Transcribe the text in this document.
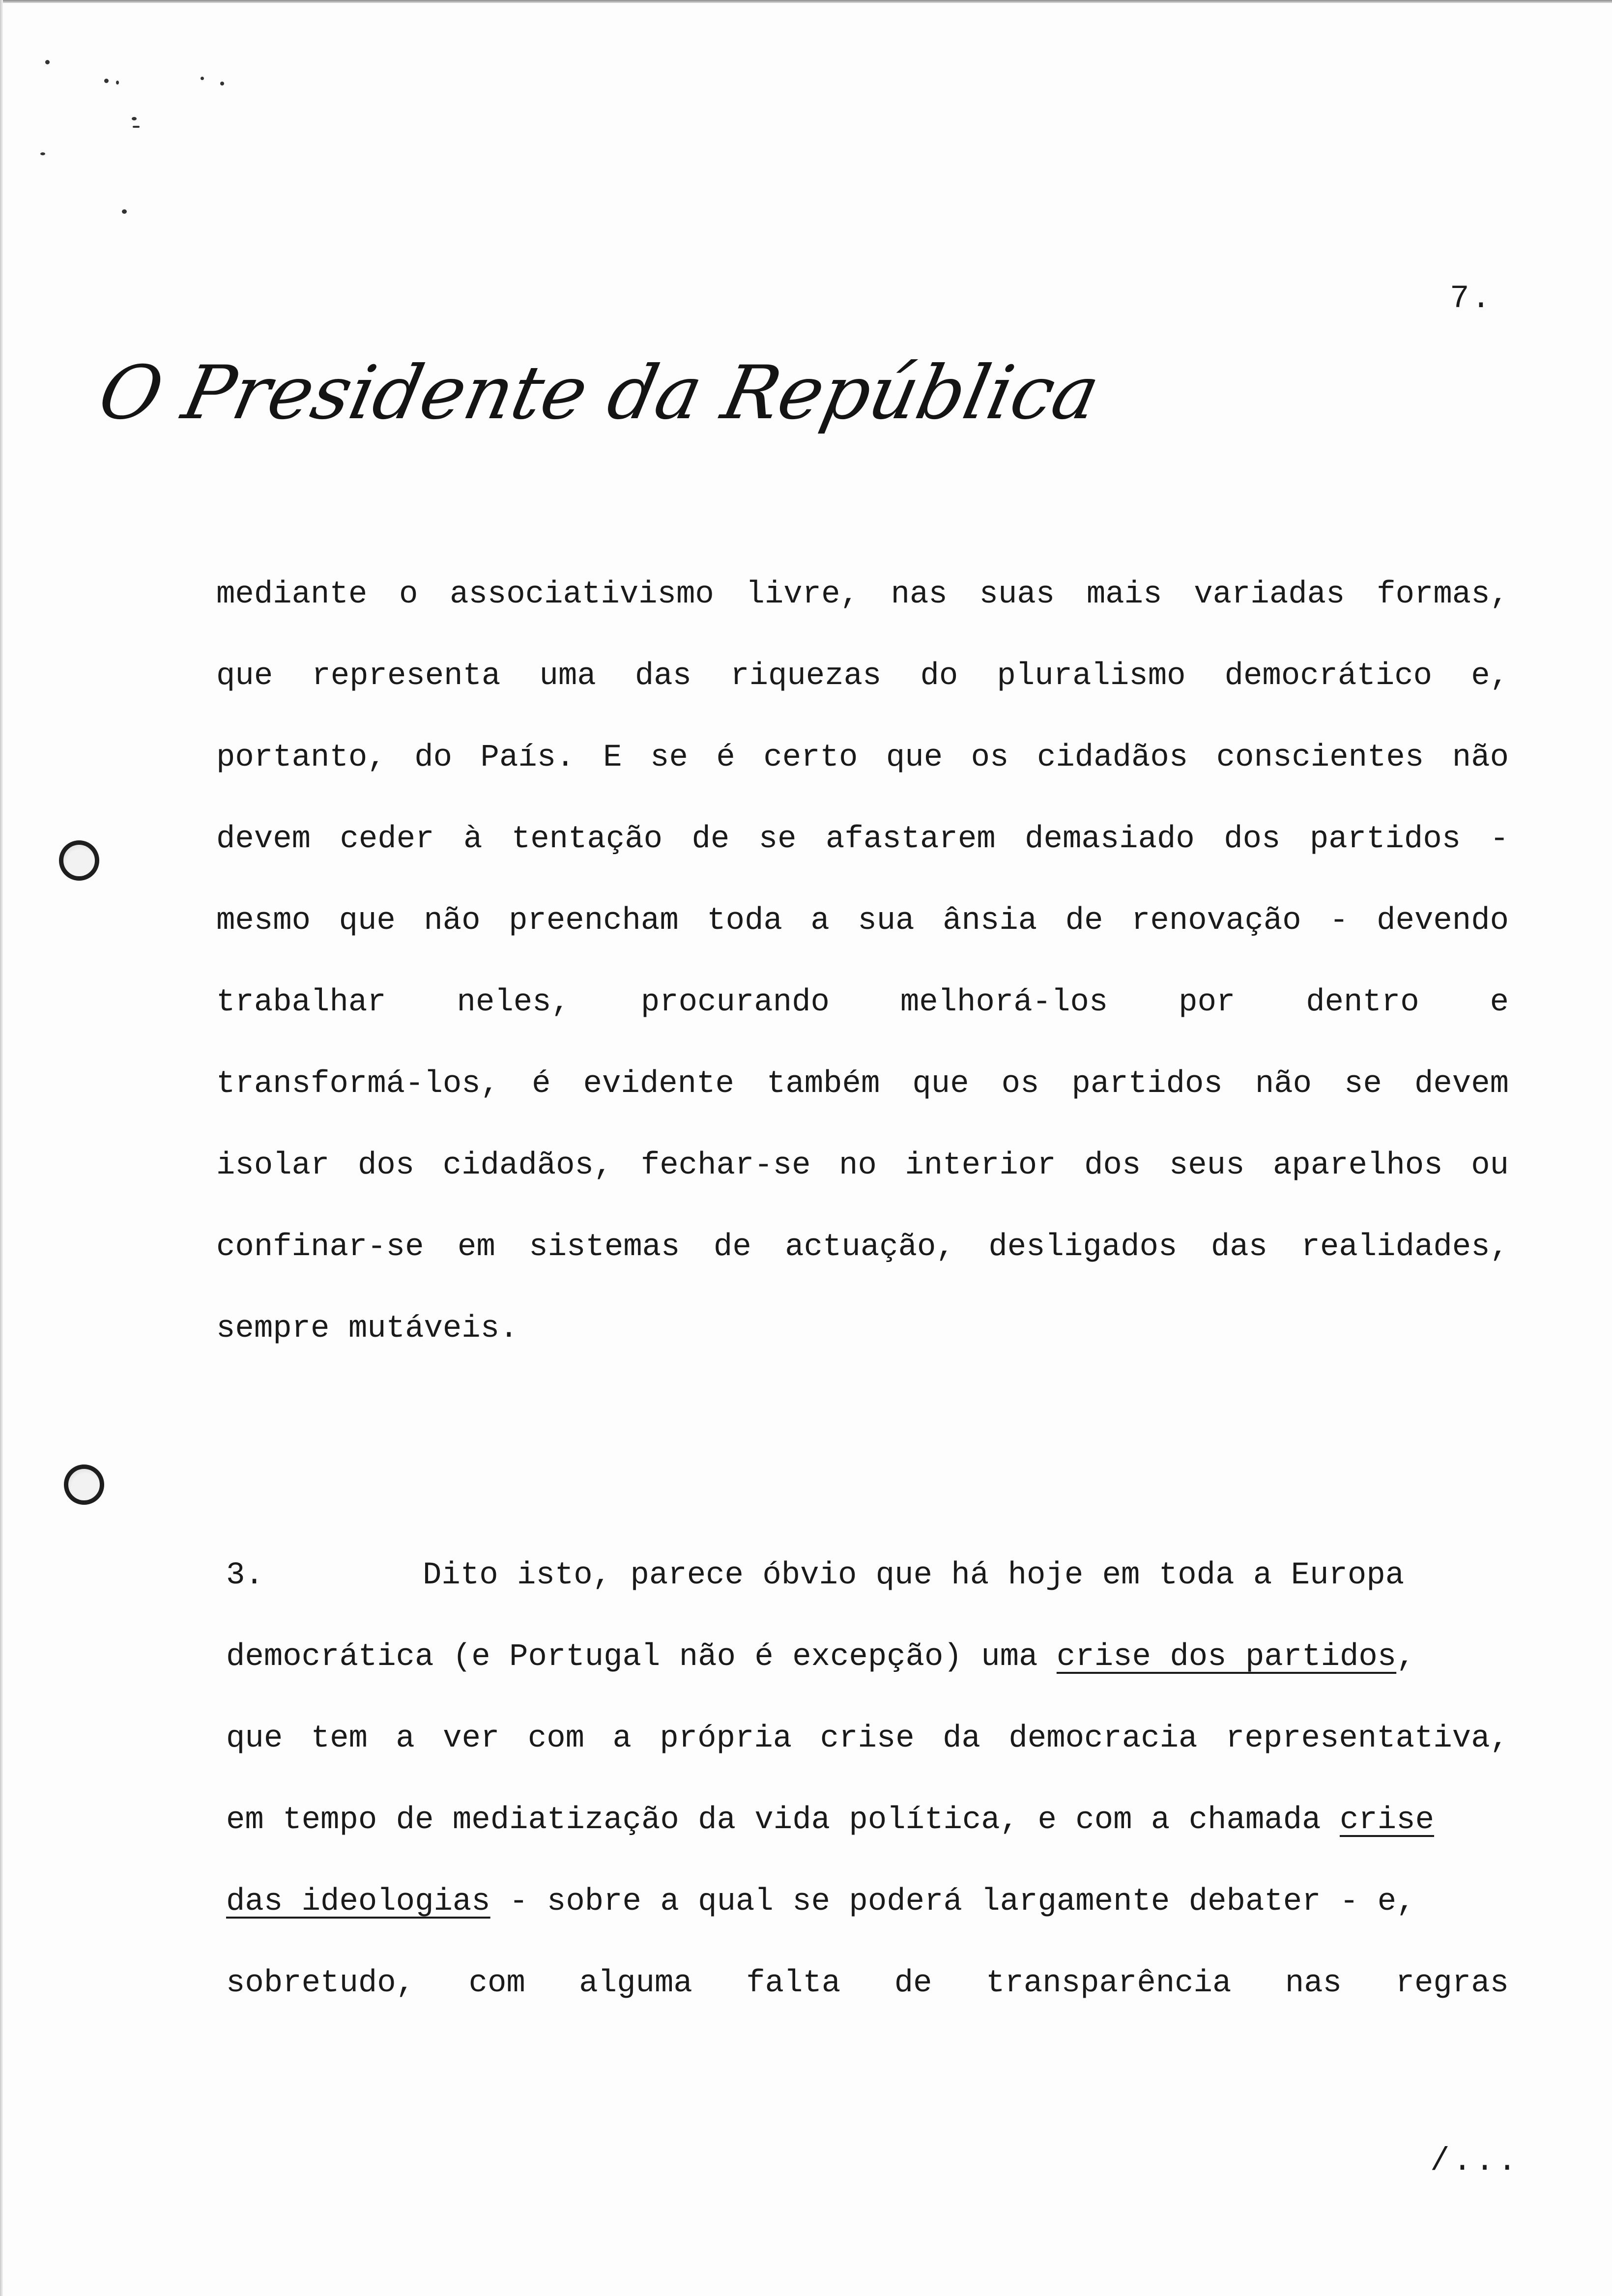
7.
O Presidente da República
mediante o associativismo livre, nas suas mais variadas formas,
que representa uma das riquezas do pluralismo democrático e,
portanto, do País. E se é certo que os cidadãos conscientes não
devem ceder à tentação de se afastarem demasiado dos partidos -
mesmo que não preencham toda a sua ânsia de renovação - devendo
trabalhar neles, procurando melhorá-los por dentro e
transformá-los, é evidente também que os partidos não se devem
isolar dos cidadãos, fechar-se no interior dos seus aparelhos ou
confinar-se em sistemas de actuação, desligados das realidades,
sempre mutáveis.
3.	Dito isto, parece óbvio que há hoje em toda a Europa
democrática (e Portugal não é excepção) uma crise dos partidos,
que tem a ver com a própria crise da democracia representativa,
em tempo de mediatização da vida política, e com a chamada crise
das ideologias - sobre a qual se poderá largamente debater - e,
sobretudo, com alguma falta de transparência nas regras
/...
